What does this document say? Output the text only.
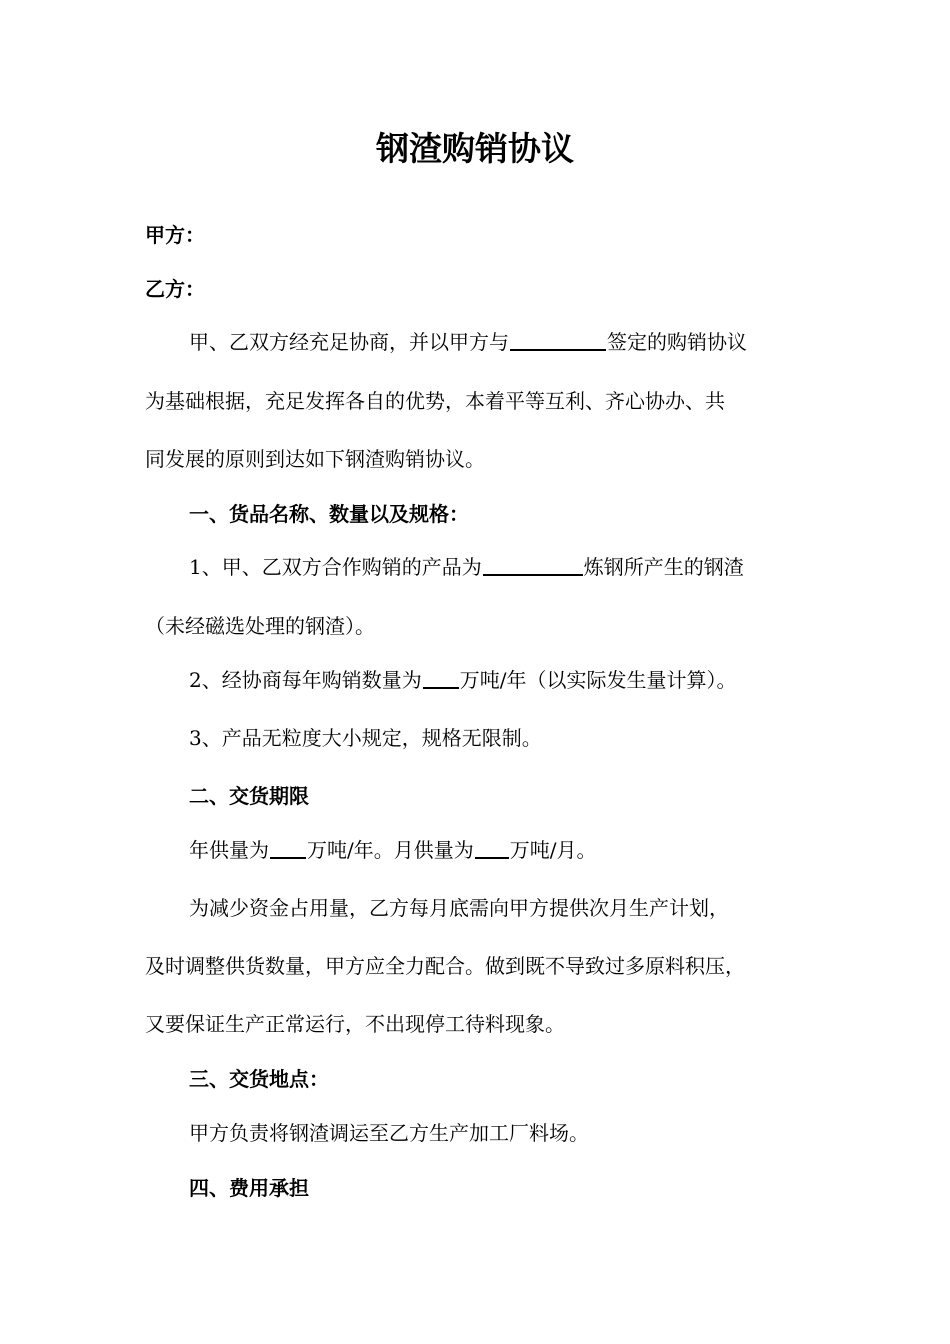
钢渣购销协议
甲方：
乙方：
甲、乙双方经充足协商，并以甲方与	签定的购销协议
为基础根据，充足发挥各自的优势，本着平等互利、齐心协办、共
同发展的原则到达如下钢渣购销协议。
一、货品名称、数量以及规格：
1、甲、乙双方合作购销的产品为	炼钢所产生的钢渣
（未经磁选处理的钢渣）。
2、经协商每年购销数量为 万吨/年（以实际发生量计算）。
3、产品无粒度大小规定，规格无限制。
二、交货期限
年供量为 万吨/年。月供量为 万吨/月。
为减少资金占用量，乙方每月底需向甲方提供次月生产计划，
及时调整供货数量，甲方应全力配合。做到既不导致过多原料积压，
又要保证生产正常运行，不出现停工待料现象。
三、交货地点：
甲方负责将钢渣调运至乙方生产加工厂料场。
四、费用承担
